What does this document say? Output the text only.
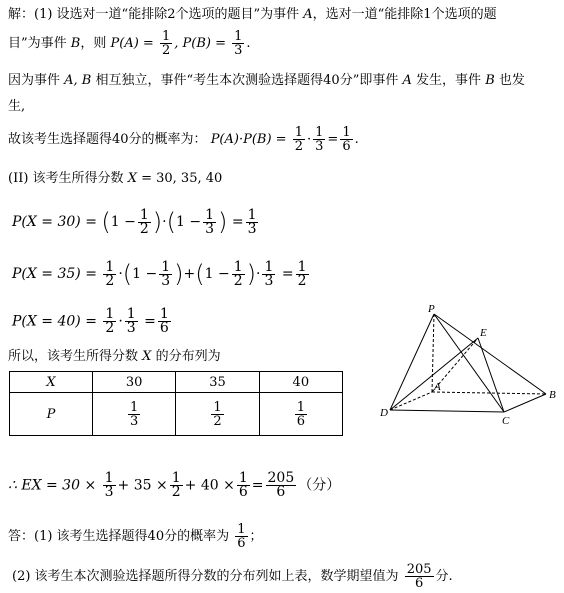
解：(1) 设选对一道“能排除2个选项的题目”为事件 A，选对一道“能排除1个选项的题
目”为事件 B，则 $P(A) = \frac{1}{2}$ , $P(B) = \frac{1}{3}$ .
因为事件 A, B 相互独立，事件“考生本次测验选择题得40分”即事件 A 发生，事件 B 也发
生,
故该考生选择题得40分的概率为： $P(A)\cdot P(B) = \frac{1}{2} \cdot \frac{1}{3} = \frac{1}{6}$ .
(II) 该考生所得分数 X = 30, 35, 40
$P(X = 30) = (1 - \frac{1}{2} )\cdot(1 - \frac{1}{3}$ ) = $\frac{1}{3}$
$P(X = 35) = \frac{1}{2} \cdot(1 - \frac{1}{3} )+(1 - \frac{1}{2}$ )· $\frac{1}{3} = \frac{1}{2}$
$P(X = 40) = \frac{1}{2} \cdot \frac{1}{3} = \frac{1}{6}$
所以，该考生所得分数 X 的分布列为
X	30	35	40
P	$\frac{1}{3}$	$\frac{1}{2}$	$\frac{1}{6}$
P
E
A
B
C
D
∴ EX = $30 \times \frac{1}{3} + 35 \times \frac{1}{2} + 40 \times \frac{1}{6} = \frac{205}{6}$ （分）
答：(1) 该考生选择题得40分的概率为 $\frac{1}{6}$ ；
(2) 该考生本次测验选择题所得分数的分布列如上表，数学期望值为 $\frac{205}{6}$ 分.
